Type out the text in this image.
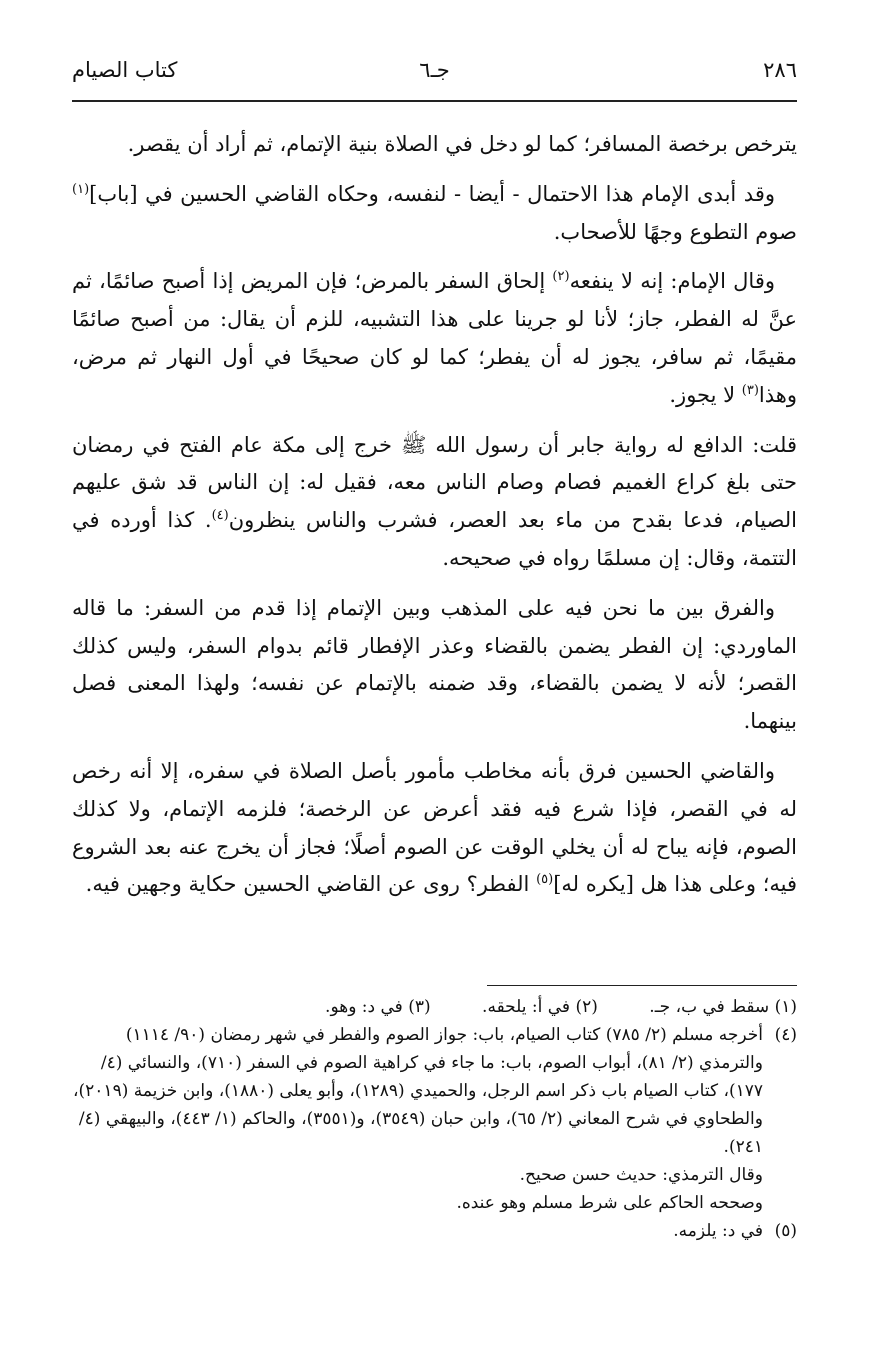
٢٨٦
جـ٦
كتاب الصيام

يترخص برخصة المسافر؛ كما لو دخل في الصلاة بنية الإتمام، ثم أراد أن يقصر.

وقد أبدى الإمام هذا الاحتمال - أيضا - لنفسه، وحكاه القاضي الحسين في [باب]$^{(١)}$ صوم التطوع وجهًا للأصحاب.

وقال الإمام: إنه لا ينفعه$^{(٢)}$ إلحاق السفر بالمرض؛ فإن المريض إذا أصبح صائمًا، ثم عنَّ له الفطر، جاز؛ لأنا لو جرينا على هذا التشبيه، للزم أن يقال: من أصبح صائمًا مقيمًا، ثم سافر، يجوز له أن يفطر؛ كما لو كان صحيحًا في أول النهار ثم مرض، وهذا$^{(٣)}$ لا يجوز.

قلت: الدافع له رواية جابر أن رسول الله ﷺ خرج إلى مكة عام الفتح في رمضان حتى بلغ كراع الغميم فصام وصام الناس معه، فقيل له: إن الناس قد شق عليهم الصيام، فدعا بقدح من ماء بعد العصر، فشرب والناس ينظرون$^{(٤)}$. كذا أورده في التتمة، وقال: إن مسلمًا رواه في صحيحه.

والفرق بين ما نحن فيه على المذهب وبين الإتمام إذا قدم من السفر: ما قاله الماوردي: إن الفطر يضمن بالقضاء وعذر الإفطار قائم بدوام السفر، وليس كذلك القصر؛ لأنه لا يضمن بالقضاء، وقد ضمنه بالإتمام عن نفسه؛ ولهذا المعنى فصل بينهما.

والقاضي الحسين فرق بأنه مخاطب مأمور بأصل الصلاة في سفره، إلا أنه رخص له في القصر، فإذا شرع فيه فقد أعرض عن الرخصة؛ فلزمه الإتمام، ولا كذلك الصوم، فإنه يباح له أن يخلي الوقت عن الصوم أصلًا؛ فجاز أن يخرج عنه بعد الشروع فيه؛ وعلى هذا هل [يكره له]$^{(٥)}$ الفطر؟ روى عن القاضي الحسين حكاية وجهين فيه.

(١) سقط في ب، جـ. (٢) في أ: يلحقه. (٣) في د: وهو.
(٤)
أخرجه مسلم (٢/ ٧٨٥) كتاب الصيام، باب: جواز الصوم والفطر في شهر رمضان (٩٠/ ١١١٤) والترمذي (٢/ ٨١)، أبواب الصوم، باب: ما جاء في كراهية الصوم في السفر (٧١٠)، والنسائي (٤/ ١٧٧)، كتاب الصيام باب ذكر اسم الرجل، والحميدي (١٢٨٩)، وأبو يعلى (١٨٨٠)، وابن خزيمة (٢٠١٩)، والطحاوي في شرح المعاني (٢/ ٦٥)، وابن حبان (٣٥٤٩)، و(٣٥٥١)، والحاكم (١/ ٤٤٣)، والبيهقي (٤/ ٢٤١).
وقال الترمذي: حديث حسن صحيح.
وصححه الحاكم على شرط مسلم وهو عنده.
(٥)
في د: يلزمه.
